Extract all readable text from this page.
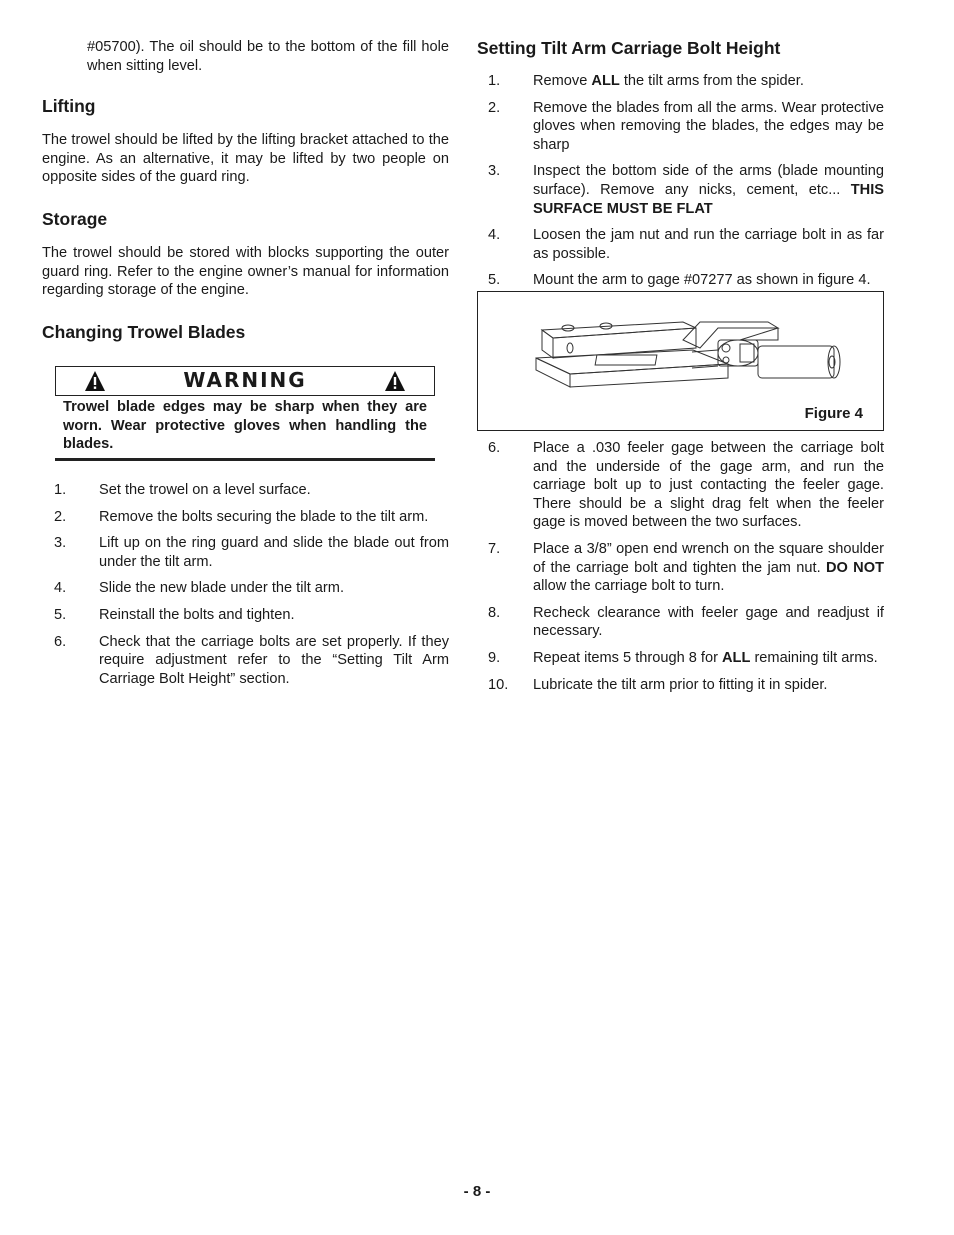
#05700). The oil should be to the bottom of the fill hole when sitting level.

Lifting

The trowel should be lifted by the lifting bracket attached to the engine. As an alternative, it may be lifted by two people on opposite sides of the guard ring.

Storage

The trowel should be stored with blocks supporting the outer guard ring. Refer to the engine owner’s manual for information regarding storage of the engine.

Changing Trowel Blades
1.	Set the trowel on a level surface.
2.	Remove the bolts securing the blade to the tilt arm.
3.	Lift up on the ring guard and slide the blade out from under the tilt arm.
4.	Slide the new blade under the tilt arm.
5.	Reinstall the bolts and tighten.
6.	Check that the carriage bolts are set properly. If they require adjustment refer to the “Setting Tilt Arm Carriage Bolt Height” section.
WARNING
Trowel blade edges may be sharp when they are worn. Wear protective gloves when handling the blades.
Setting Tilt Arm Carriage Bolt Height
1.	Remove ALL the tilt arms from the spider.
2.	Remove the blades from all the arms. Wear protective gloves when removing the blades, the edges may be sharp
3.	Inspect the bottom side of the arms (blade mounting surface). Remove any nicks, cement, etc... THIS SURFACE MUST BE FLAT
4.	Loosen the jam nut and run the carriage bolt in as far as possible.
5.	Mount the arm to gage #07277 as shown in figure 4.
6.	Place a .030 feeler gage between the carriage bolt and the underside of the gage arm, and run the carriage bolt up to just contacting the feeler gage. There should be a slight drag felt when the feeler gage is moved between the two surfaces.
7.	Place a 3/8” open end wrench on the square shoulder of the carriage bolt and tighten the jam nut. DO NOT allow the carriage bolt to turn.
8.	Recheck clearance with feeler gage and readjust if necessary.
9.	Repeat items 5 through 8 for ALL remaining tilt arms.
10.	Lubricate the tilt arm prior to fitting it in spider.
Figure 4
- 8 -
